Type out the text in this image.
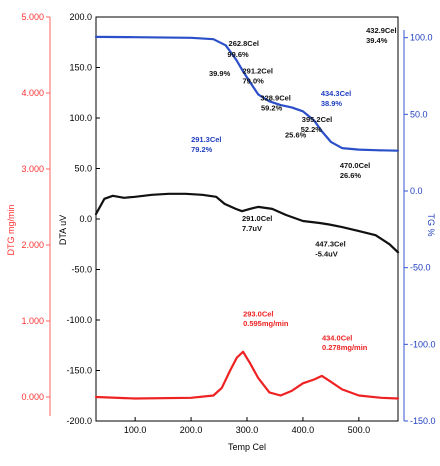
100.0	200.0	300.0	400.0	500.0
-200.0
-150.0
-100.0
-50.0
0.0
50.0
100.0
150.0
200.0
0.000
1.000
2.000
3.000
4.000
5.000
-150.0
-100.0
-50.0
0.0
50.0
100.0
262.8Cel
99.6%
39.9% 291.2Cel
79.0%
328.9Cel
59.2%
25.6%
395.2Cel
52.2%
432.9Cel
39.4%
434.3Cel
38.9%
291.3Cel
79.2%
470.0Cel
26.6%
291.0Cel
7.7uV
447.3Cel
-5.4uV
293.0Cel
0.595mg/min
434.0Cel
0.278mg/min
DTG mg/min	DTA uV	TG %
Temp Cel
